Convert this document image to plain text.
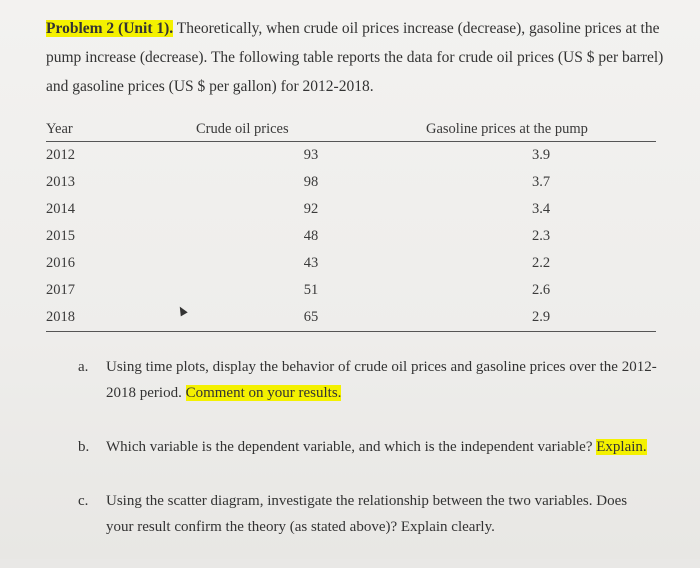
Problem 2 (Unit 1). Theoretically, when crude oil prices increase (decrease), gasoline prices at the pump increase (decrease). The following table reports the data for crude oil prices (US $ per barrel) and gasoline prices (US $ per gallon) for 2012-2018.
Year	Crude oil prices	Gasoline prices at the pump
2012	93	3.9
2013	98	3.7
2014	92	3.4
2015	48	2.3
2016	43	2.2
2017	51	2.6
2018	65	2.9
a.	Using time plots, display the behavior of crude oil prices and gasoline prices over the 2012-2018 period. Comment on your results.
b.	Which variable is the dependent variable, and which is the independent variable? Explain.
c.	Using the scatter diagram, investigate the relationship between the two variables. Does your result confirm the theory (as stated above)? Explain clearly.
